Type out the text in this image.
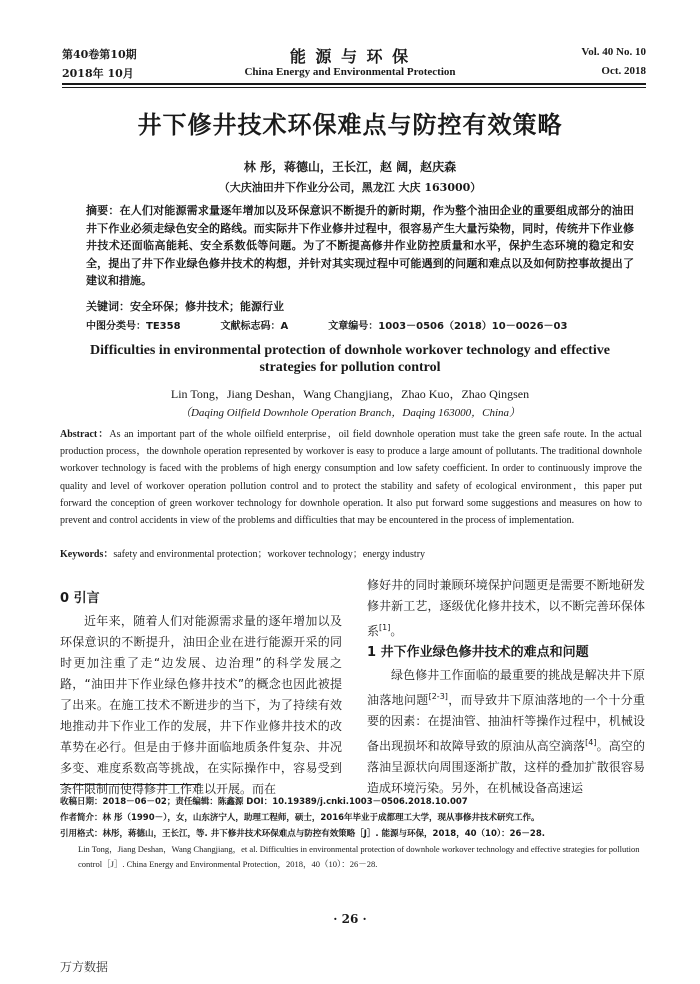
第40卷第10期
2018年 10月
能 源 与 环 保
China Energy and Environmental Protection
Vol. 40 No. 10
Oct. 2018
井下修井技术环保难点与防控有效策略
林 彤，蒋德山，王长江，赵 阔，赵庆森
（大庆油田井下作业分公司，黑龙江 大庆 163000）
摘要：在人们对能源需求量逐年增加以及环保意识不断提升的新时期，作为整个油田企业的重要组成部分的油田井下作业必须走绿色安全的路线。而实际井下作业修井过程中，很容易产生大量污染物，同时，传统井下作业修井技术还面临高能耗、安全系数低等问题。为了不断提高修井作业防控质量和水平，保护生态环境的稳定和安全，提出了井下作业绿色修井技术的构想，并针对其实现过程中可能遇到的问题和难点以及如何防控事故提出了建议和措施。
关键词：安全环保；修井技术；能源行业
中图分类号：TE358	文献标志码：A	文章编号：1003－0506（2018）10－0026－03
Difficulties in environmental protection of downhole workover technology and effective strategies for pollution control
Lin Tong，Jiang Deshan，Wang Changjiang，Zhao Kuo，Zhao Qingsen
（Daqing Oilfield Downhole Operation Branch，Daqing 163000，China）
Abstract：As an important part of the whole oilfield enterprise，oil field downhole operation must take the green safe route. In the actual production process，the downhole operation represented by workover is easy to produce a large amount of pollutants. The traditional downhole workover technology is faced with the problems of high energy consumption and low safety coefficient. In order to continuously improve the quality and level of workover operation pollution control and to protect the stability and safety of ecological environment，this paper put forward the conception of green workover technology for downhole operation. It also put forward some suggestions and measures on how to prevent and control accidents in view of the problems and difficulties that may be encountered in the process of implementation.
Keywords：safety and environmental protection；workover technology；energy industry
0 引言
近年来，随着人们对能源需求量的逐年增加以及环保意识的不断提升，油田企业在进行能源开采的同时更加注重了走“边发展、边治理”的科学发展之路，“油田井下作业绿色修井技术”的概念也因此被提了出来。在施工技术不断进步的当下，为了持续有效地推动井下作业工作的发展，井下作业修井技术的改革势在必行。但是由于修井面临地质条件复杂、井况多变、难度系数高等挑战，在实际操作中，容易受到条件限制而使得修井工作难以开展。而在
修好井的同时兼顾环境保护问题更是需要不断地研发修井新工艺，逐级优化修井技术，以不断完善环保体系[1]。
1 井下作业绿色修井技术的难点和问题
绿色修井工作面临的最重要的挑战是解决井下原油落地问题[2-3]，而导致井下原油落地的一个十分重要的因素：在提油管、抽油杆等操作过程中，机械设备出现损坏和故障导致的原油从高空滴落[4]。高空的落油呈源状向周围逐渐扩散，这样的叠加扩散很容易造成环境污染。另外，在机械设备高速运
收稿日期：2018－06－02；责任编辑：陈鑫源 DOI：10.19389/j.cnki.1003－0506.2018.10.007
作者简介：林 彤（1990－），女，山东济宁人，助理工程师，硕士，2016年毕业于成都理工大学，现从事修井技术研究工作。
引用格式：林彤，蒋德山，王长江，等. 井下修井技术环保难点与防控有效策略［J］. 能源与环保，2018，40（10）：26－28.
Lin Tong，Jiang Deshan，Wang Changjiang，et al. Difficulties in environmental protection of downhole workover technology and effective strategies for pollution control［J］. China Energy and Environmental Protection，2018，40（10）：26－28.
· 26 ·
万方数据
